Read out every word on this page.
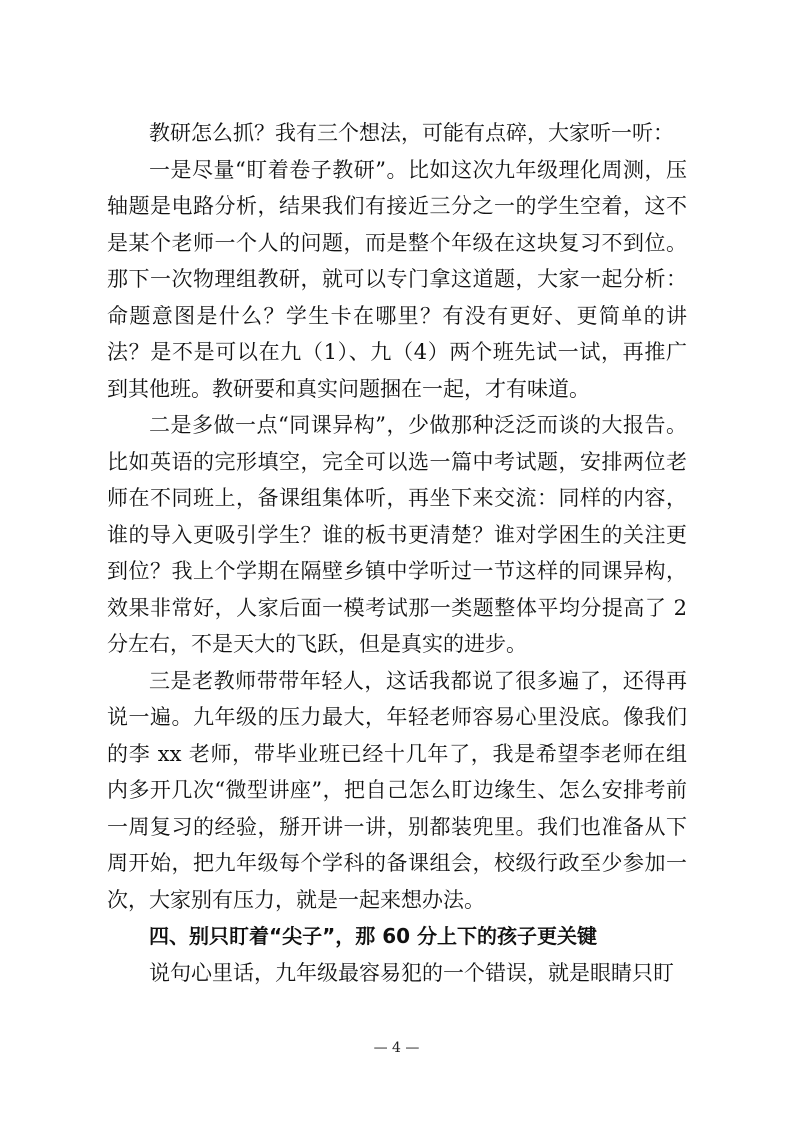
教研怎么抓？我有三个想法，可能有点碎，大家听一听：

一是尽量“盯着卷子教研”。比如这次九年级理化周测，压轴题是电路分析，结果我们有接近三分之一的学生空着，这不是某个老师一个人的问题，而是整个年级在这块复习不到位。那下一次物理组教研，就可以专门拿这道题，大家一起分析：命题意图是什么？学生卡在哪里？有没有更好、更简单的讲法？是不是可以在九（1）、九（4）两个班先试一试，再推广到其他班。教研要和真实问题捆在一起，才有味道。

二是多做一点“同课异构”，少做那种泛泛而谈的大报告。比如英语的完形填空，完全可以选一篇中考试题，安排两位老师在不同班上，备课组集体听，再坐下来交流：同样的内容，谁的导入更吸引学生？谁的板书更清楚？谁对学困生的关注更到位？我上个学期在隔壁乡镇中学听过一节这样的同课异构，效果非常好，人家后面一模考试那一类题整体平均分提高了 2 分左右，不是天大的飞跃，但是真实的进步。

三是老教师带带年轻人，这话我都说了很多遍了，还得再说一遍。九年级的压力最大，年轻老师容易心里没底。像我们的李 xx 老师，带毕业班已经十几年了，我是希望李老师在组内多开几次“微型讲座”，把自己怎么盯边缘生、怎么安排考前一周复习的经验，掰开讲一讲，别都装兜里。我们也准备从下周开始，把九年级每个学科的备课组会，校级行政至少参加一次，大家别有压力，就是一起来想办法。

四、别只盯着“尖子”，那 60 分上下的孩子更关键

说句心里话，九年级最容易犯的一个错误，就是眼睛只盯

— 4 —
